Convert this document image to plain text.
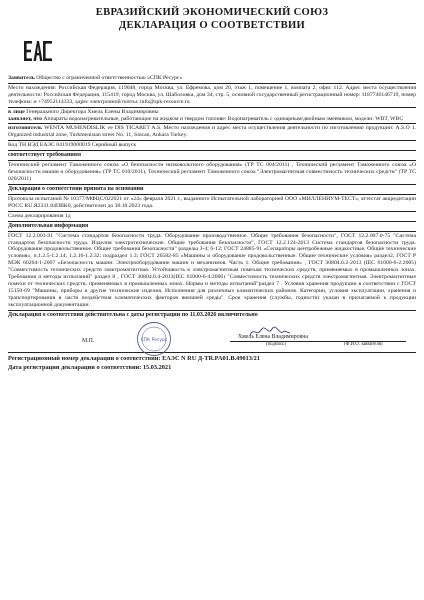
ЕВРАЗИЙСКИЙ ЭКОНОМИЧЕСКИЙ СОЮЗ
ДЕКЛАРАЦИЯ О СООТВЕТСТВИИ

Заявитель Общество с ограниченной ответственностью «СПК Ресурс»

Место нахождения: Российская Федерация, 119048, город Москва, ул. Ефремова, дом 20, этаж 1, помещение 1, компата 2, офис 112. Адрес места осуществления деятельности: Российская Федерация, 115419, город Москва, ул. Шаболовка, дом 34, стр. 5, основной государственный регистрационный номер: 1187746146719, номер телефона: и +74952114333, адрес электронной почты: info@spk-resource.ru

в лице Генерального Директора Хмель Елены Владимировны

заявляет, что Аппараты водонагревательные, работающие на жидком и твердом топливе: Водонагреватель с одинарным/двойным змеевиком, модели: WBT, WBC

изготовитель WENTA MUHENDISLIK ve DIS TICARET A.S. Место нахождения и адрес места осуществления деятельности по изготовлению продукции: A.S.O 1. Organized industrial zone, Turkmenistan street No. 11, Sincan, Ankara Turkey.

Код ТН ВЭД ЕАЭС 841919000019 Серийный выпуск

соответствует требованиям

Технический регламент Таможенного союза «О безопасности низковольтного оборудования» (ТР ТС 004/2011) , Технический регламент Таможенного союза «О безопасности машин и оборудования» (ТР ТС 010/2011), Технический регламент Таможенного союза "Электромагнитная совместимость технических средств" (ТР ТС 020/2011)

Декларация о соответствии принята на основании

Протокола испытаний № 10377/МФЦС/022021 от «24» февраля 2021 г., выданного Испытательной лабораторией ООО «МИЛЛЕНИУМ-ТЕСТ», аттестат аккредитации РОСС RU.Я2331.04ПВК0, действителен до 30.10.2023 года.

Схема декларирования 1д

Дополнительная информация

ГОСТ 12.2.003-91 "Система стандартов безопасности труда. Оборудование производственное. Общие требования безопасности", ГОСТ 12.2.007.0-75 "Система стандартов безопасности труда. Изделия электротехнические. Общие требования безопасности", ГОСТ 12.2.124-2013 Система стандартов безопасности труда. Оборудование продовольственное. Общие требования безопасности" разделы 3-4; 6-12; ГОСТ 24885-91 «Сепараторы центробежные жидкостные. Общие технические условия», п.1.2.5-1.2.14; 1.2.16-1.2.32; подраздел 1.3; ГОСТ 26582-85 «Машины и оборудование продовольственные. Общие технические условия» раздел2, ГОСТ Р МЭК 60204-1-2007 «Безопасность машин. Электрооборудование машин и механизмов. Часть 1. Общие требования» , ГОСТ 30804.6.2-2013 (IEC 61000-6-2:2005) "Совместимость технических средств электромагнитная. Устойчивость к электромагнитным помехам технических средств, применяемых в промышленных зонах. Требования и методы испытаний" раздел 8 , ГОСТ 30804.6.4-2013(IEC 61000-6-4:2006) "Совместимость технических средств электромагнитная. Электромагнитные помехи от технических средств, применяемых в промышленных зонах. Нормы и методы испытаний"раздел 7 . Условия хранения продукции в соответствии с ГОСТ 15150-69 "Машины, приборы и другие технические изделия. Исполнения для различных климатических районов. Категории, условия эксплуатации, хранения и транспортирования в части воздействия климатических факторов внешней среды". Срок хранения (службы, годности) указан в прилагаемой к продукции эксплуатационной документации.

Декларация о соответствии действительна с даты регистрации по 11.03.2026 включительно

СПК Ресурс
М.П.
Хмель Елена Владимировна
(подпись)	(Ф.И.О. заявителя)

Регистрационный номер декларации о соответствии: ЕАЭС N RU Д-TR.PA01.B.49013/21

Дата регистрации декларации о соответствии: 15.03.2021
